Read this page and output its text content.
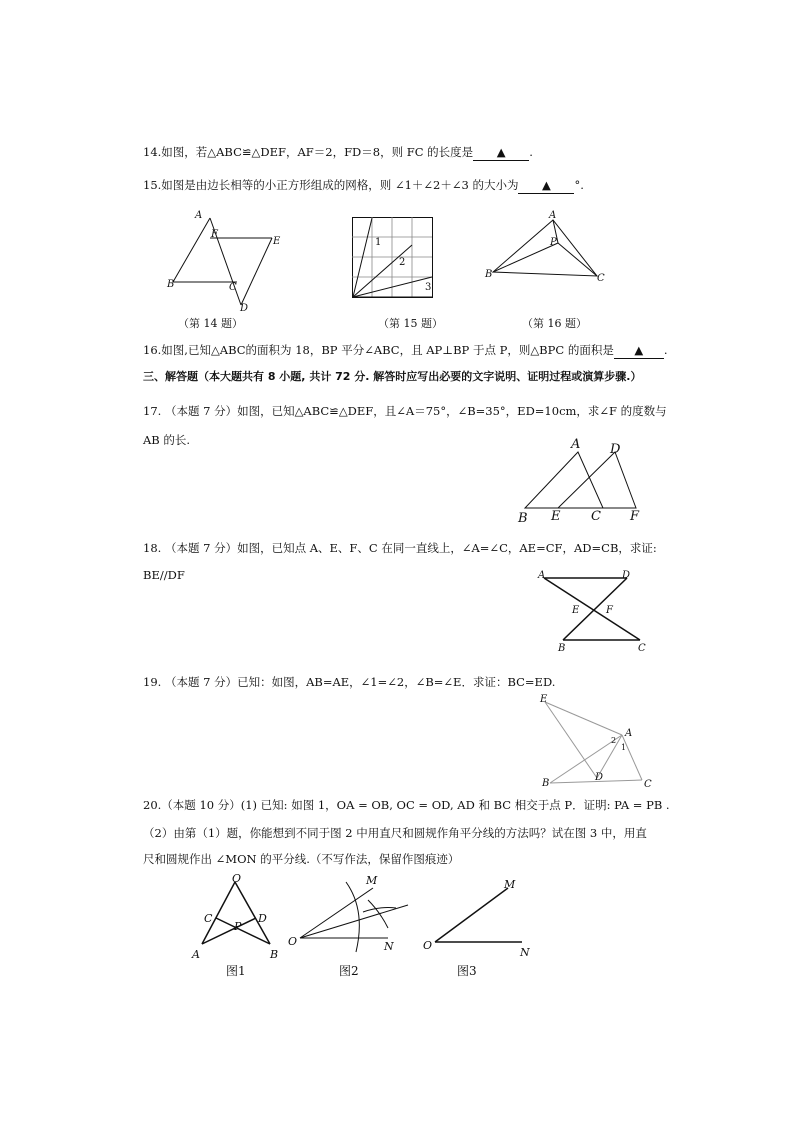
14.如图，若△ABC≌△DEF，AF＝2，FD＝8，则 FC 的长度是 ▲ .
15.如图是由边长相等的小正方形组成的网格，则 ∠1＋∠2＋∠3 的大小为 ▲ °.
A
F
E
B	C
D
（第 14 题）
1
2
3
（第 15 题）
A
P
B	C
（第 16 题）
16.如图,已知△ABC的面积为 18，BP 平分∠ABC，且 AP⊥BP 于点 P，则△BPC 的面积是 ▲ .
三、解答题（本大题共有 8 小题, 共计 72 分. 解答时应写出必要的文字说明、证明过程或演算步骤.）
17. （本题 7 分）如图，已知△ABC≌△DEF，且∠A＝75°，∠B=35°，ED=10cm，求∠F 的度数与
AB 的长.	A D
B E C F
18. （本题 7 分）如图，已知点 A、E、F、C 在同一直线上，∠A=∠C，AE=CF，AD=CB，求证:
BE//DF	A	D
E	F
B	C
19. （本题 7 分）已知：如图，AB=AE，∠1=∠2，∠B=∠E．求证：BC=ED.
E
A
2
1
B
D
C
20.（本题 10 分）(1) 已知: 如图 1，OA = OB, OC = OD, AD 和 BC 相交于点 P．证明: PA = PB .
（2）由第（1）题，你能想到不同于图 2 中用直尺和圆规作角平分线的方法吗？试在图 3 中，用直
尺和圆规作出 ∠MON 的平分线.（不写作法，保留作图痕迹）
O
C	D
P
A	B
图1
M
O	N
图2
M
O
N
图3
